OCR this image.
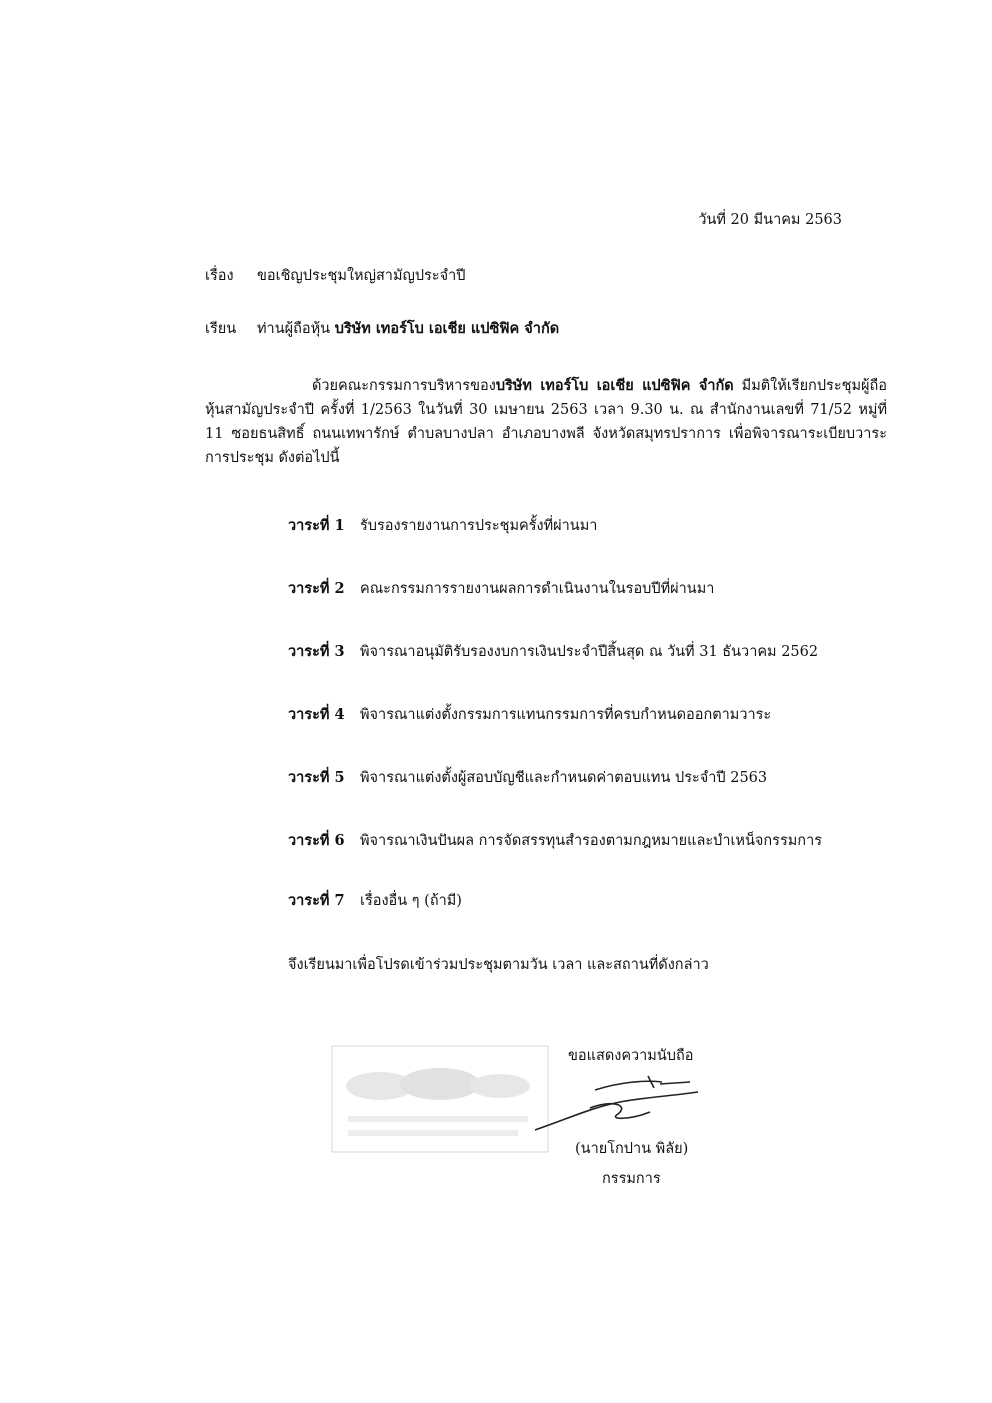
วันที่ 20 มีนาคม 2563
เรื่อง ขอเชิญประชุมใหญ่สามัญประจำปี
เรียน ท่านผู้ถือหุ้น บริษัท เทอร์โบ เอเชีย แปซิฟิค จำกัด

ด้วยคณะกรรมการบริหารของบริษัท เทอร์โบ เอเชีย แปซิฟิค จำกัด มีมติให้เรียกประชุมผู้ถือหุ้นสามัญประจำปี ครั้งที่ 1/2563 ในวันที่ 30 เมษายน 2563 เวลา 9.30 น. ณ สำนักงานเลขที่ 71/52 หมู่ที่ 11 ซอยธนสิทธิ์ ถนนเทพารักษ์ ตำบลบางปลา อำเภอบางพลี จังหวัดสมุทรปราการ เพื่อพิจารณาระเบียบวาระการประชุม ดังต่อไปนี้

วาระที่ 1 รับรองรายงานการประชุมครั้งที่ผ่านมา
วาระที่ 2 คณะกรรมการรายงานผลการดำเนินงานในรอบปีที่ผ่านมา
วาระที่ 3 พิจารณาอนุมัติรับรองงบการเงินประจำปีสิ้นสุด ณ วันที่ 31 ธันวาคม 2562
วาระที่ 4 พิจารณาแต่งตั้งกรรมการแทนกรรมการที่ครบกำหนดออกตามวาระ
วาระที่ 5 พิจารณาแต่งตั้งผู้สอบบัญชีและกำหนดค่าตอบแทน ประจำปี 2563
วาระที่ 6 พิจารณาเงินปันผล การจัดสรรทุนสำรองตามกฎหมายและบำเหน็จกรรมการ
วาระที่ 7 เรื่องอื่น ๆ (ถ้ามี)
จึงเรียนมาเพื่อโปรดเข้าร่วมประชุมตามวัน เวลา และสถานที่ดังกล่าว
ขอแสดงความนับถือ
(นายโกปาน พิลัย)
กรรมการ
